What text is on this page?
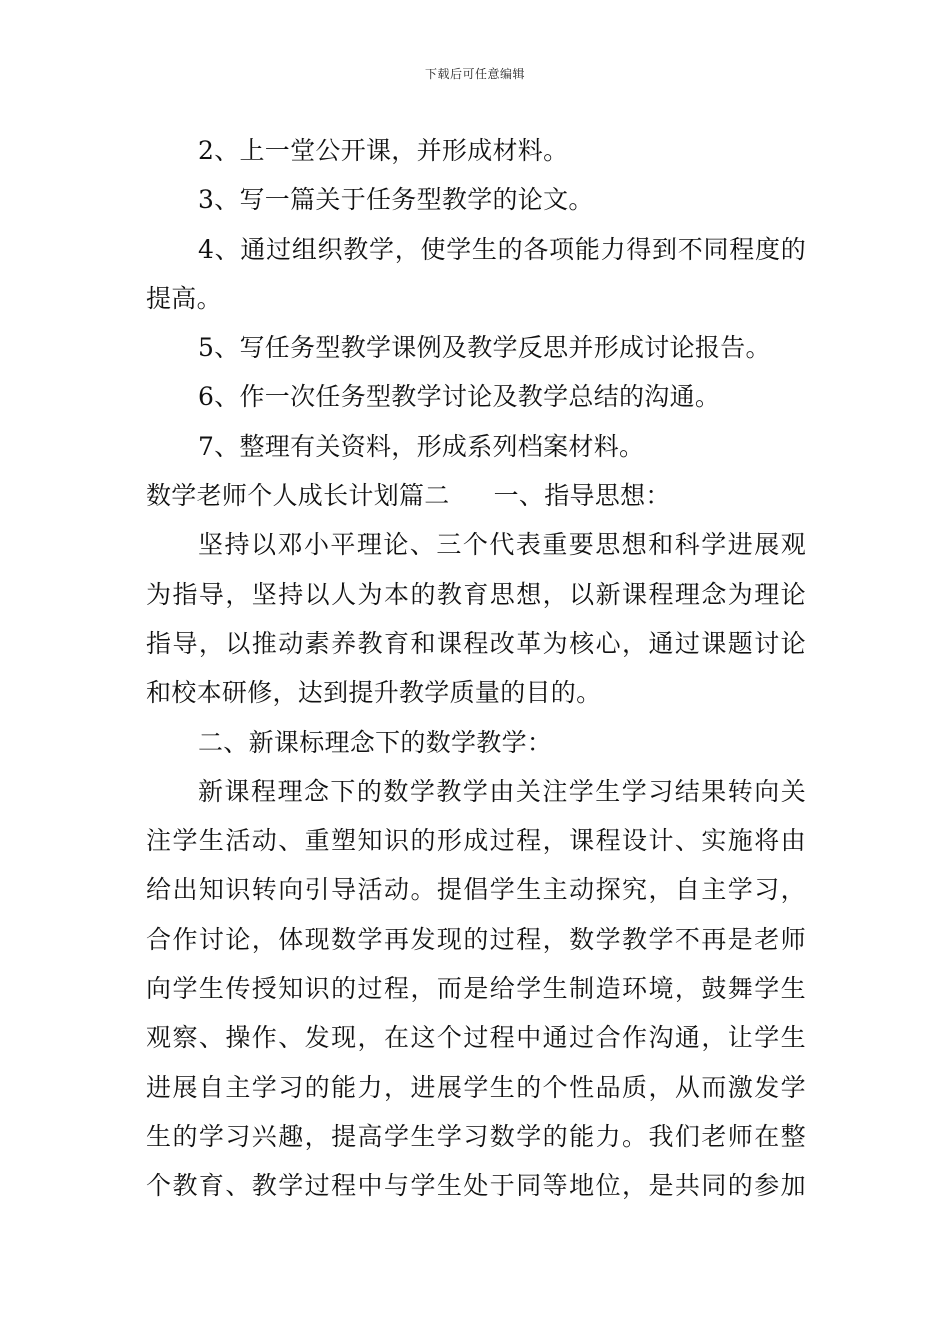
下载后可任意编辑
2、上一堂公开课，并形成材料。
3、写一篇关于任务型教学的论文。
4、通过组织教学，使学生的各项能力得到不同程度的
提高。
5、写任务型教学课例及教学反思并形成讨论报告。
6、作一次任务型教学讨论及教学总结的沟通。
7、整理有关资料，形成系列档案材料。
数学老师个人成长计划篇二 一、指导思想：
坚持以邓小平理论、三个代表重要思想和科学进展观
为指导，坚持以人为本的教育思想，以新课程理念为理论
指导，以推动素养教育和课程改革为核心，通过课题讨论
和校本研修，达到提升教学质量的目的。
二、新课标理念下的数学教学：
新课程理念下的数学教学由关注学生学习结果转向关
注学生活动、重塑知识的形成过程，课程设计、实施将由
给出知识转向引导活动。提倡学生主动探究，自主学习，
合作讨论，体现数学再发现的过程，数学教学不再是老师
向学生传授知识的过程，而是给学生制造环境，鼓舞学生
观察、操作、发现，在这个过程中通过合作沟通，让学生
进展自主学习的能力，进展学生的个性品质，从而激发学
生的学习兴趣，提高学生学习数学的能力。我们老师在整
个教育、教学过程中与学生处于同等地位，是共同的参加
